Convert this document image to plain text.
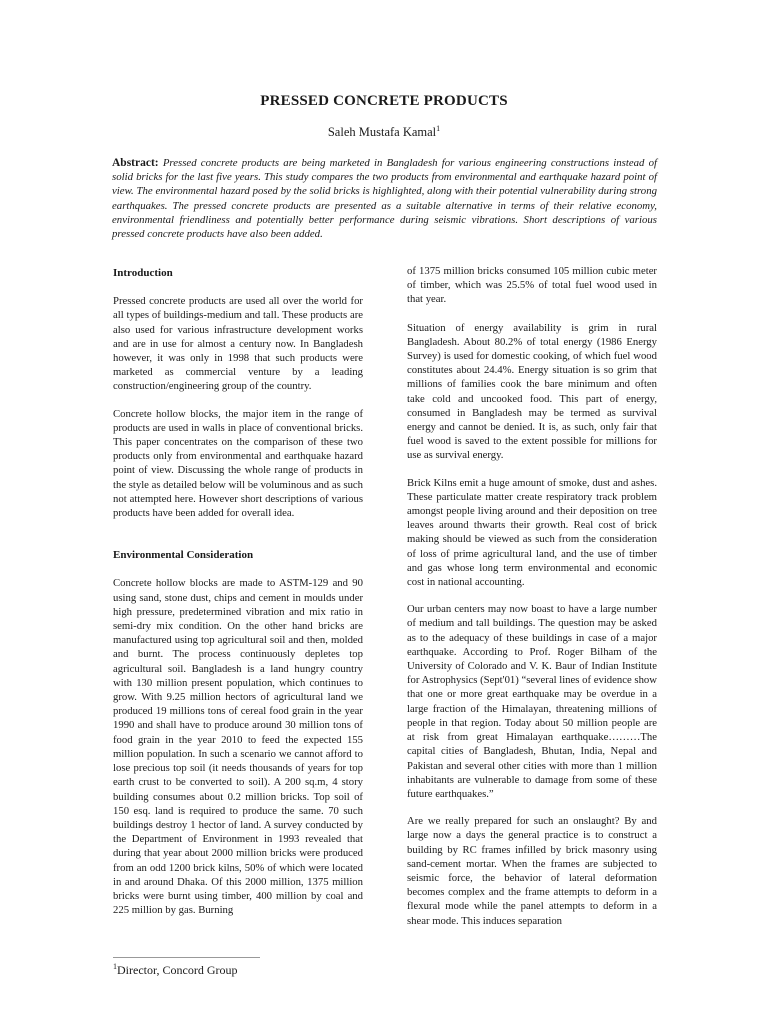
PRESSED CONCRETE PRODUCTS

Saleh Mustafa Kamal$^1$

Abstract: Pressed concrete products are being marketed in Bangladesh for various engineering constructions instead of solid bricks for the last five years. This study compares the two products from environmental and earthquake hazard point of view. The environmental hazard posed by the solid bricks is highlighted, along with their potential vulnerability during strong earthquakes. The pressed concrete products are presented as a suitable alternative in terms of their relative economy, environmental friendliness and potentially better performance during seismic vibrations. Short descriptions of various pressed concrete products have also been added.

Introduction

Pressed concrete products are used all over the world for all types of buildings-medium and tall. These products are also used for various infrastructure development works and are in use for almost a century now. In Bangladesh however, it was only in 1998 that such products were marketed as commercial venture by a leading construction/engineering group of the country.

Concrete hollow blocks, the major item in the range of products are used in walls in place of conventional bricks. This paper concentrates on the comparison of these two products only from environmental and earthquake hazard point of view. Discussing the whole range of products in the style as detailed below will be voluminous and as such not attempted here. However short descriptions of various products have been added for overall idea.

Environmental Consideration

Concrete hollow blocks are made to ASTM-129 and 90 using sand, stone dust, chips and cement in moulds under high pressure, predetermined vibration and mix ratio in semi-dry mix condition. On the other hand bricks are manufactured using top agricultural soil and then, molded and burnt. The process continuously depletes top agricultural soil. Bangladesh is a land hungry country with 130 million present population, which continues to grow. With 9.25 million hectors of agricultural land we produced 19 millions tons of cereal food grain in the year 1990 and shall have to produce around 30 million tons of food grain in the year 2010 to feed the expected 155 million population. In such a scenario we cannot afford to lose precious top soil (it needs thousands of years for top earth crust to be converted to soil). A 200 sq.m, 4 story building consumes about 0.2 million bricks. Top soil of 150 esq. land is required to produce the same. 70 such buildings destroy 1 hector of land. A survey conducted by the Department of Environment in 1993 revealed that during that year about 2000 million bricks were produced from an odd 1200 brick kilns, 50% of which were located in and around Dhaka. Of this 2000 million, 1375 million bricks were burnt using timber, 400 million by coal and 225 million by gas. Burning

of 1375 million bricks consumed 105 million cubic meter of timber, which was 25.5% of total fuel wood used in that year.

Situation of energy availability is grim in rural Bangladesh. About 80.2% of total energy (1986 Energy Survey) is used for domestic cooking, of which fuel wood constitutes about 24.4%. Energy situation is so grim that millions of families cook the bare minimum and often take cold and uncooked food. This part of energy, consumed in Bangladesh may be termed as survival energy and cannot be denied. It is, as such, only fair that fuel wood is saved to the extent possible for millions for use as survival energy.

Brick Kilns emit a huge amount of smoke, dust and ashes. These particulate matter create respiratory track problem amongst people living around and their deposition on tree leaves around thwarts their growth. Real cost of brick making should be viewed as such from the consideration of loss of prime agricultural land, and the use of timber and gas whose long term environmental and economic cost in national accounting.

Our urban centers may now boast to have a large number of medium and tall buildings. The question may be asked as to the adequacy of these buildings in case of a major earthquake. According to Prof. Roger Bilham of the University of Colorado and V. K. Baur of Indian Institute for Astrophysics (Sept'01) “several lines of evidence show that one or more great earthquake may be overdue in a large fraction of the Himalayan, threatening millions of people in that region. Today about 50 million people are at risk from great Himalayan earthquake………The capital cities of Bangladesh, Bhutan, India, Nepal and Pakistan and several other cities with more than 1 million inhabitants are vulnerable to damage from some of these future earthquakes.”

Are we really prepared for such an onslaught? By and large now a days the general practice is to construct a building by RC frames infilled by brick masonry using sand-cement mortar. When the frames are subjected to seismic force, the behavior of lateral deformation becomes complex and the frame attempts to deform in a flexural mode while the panel attempts to deform in a shear mode. This induces separation

$^1$Director, Concord Group
